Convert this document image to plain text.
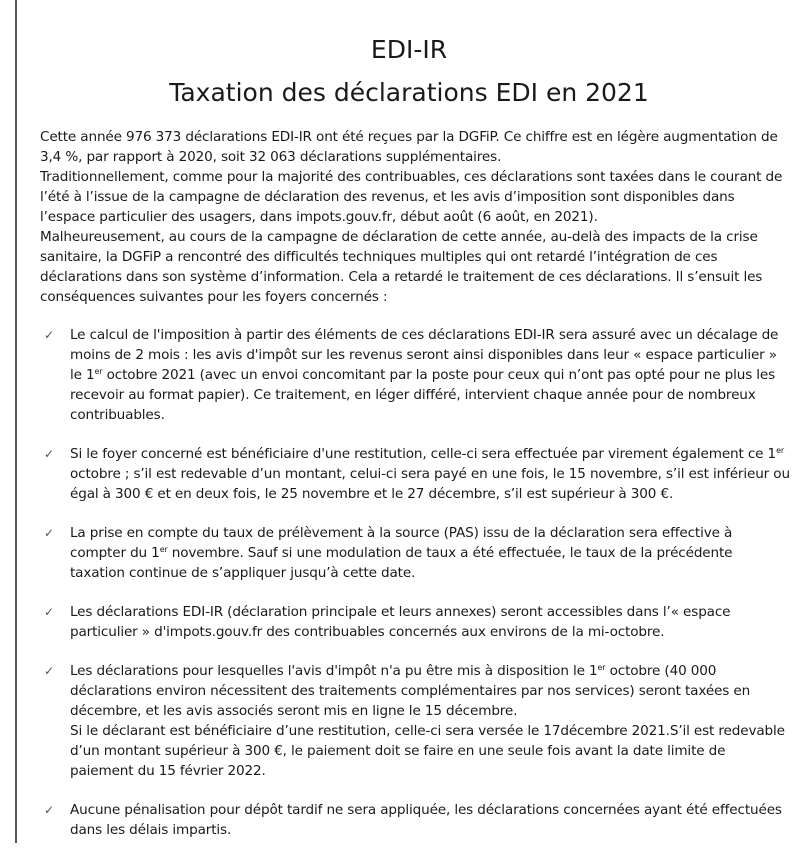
EDI-IR
Taxation des déclarations EDI en 2021

Cette année 976 373 déclarations EDI-IR ont été reçues par la DGFiP. Ce chiffre est en légère augmentation de 3,4 %, par rapport à 2020, soit 32 063 déclarations supplémentaires.

Traditionnellement, comme pour la majorité des contribuables, ces déclarations sont taxées dans le courant de l’été à l’issue de la campagne de déclaration des revenus, et les avis d’imposition sont disponibles dans l’espace particulier des usagers, dans impots.gouv.fr, début août (6 août, en 2021).

Malheureusement, au cours de la campagne de déclaration de cette année, au-delà des impacts de la crise sanitaire, la DGFiP a rencontré des difficultés techniques multiples qui ont retardé l’intégration de ces déclarations dans son système d’information. Cela a retardé le traitement de ces déclarations. Il s’ensuit les conséquences suivantes pour les foyers concernés :

✓ Le calcul de l'imposition à partir des éléments de ces déclarations EDI-IR sera assuré avec un décalage de moins de 2 mois : les avis d'impôt sur les revenus seront ainsi disponibles dans leur « espace particulier » le 1er octobre 2021 (avec un envoi concomitant par la poste pour ceux qui n’ont pas opté pour ne plus les recevoir au format papier). Ce traitement, en léger différé, intervient chaque année pour de nombreux contribuables.

✓ Si le foyer concerné est bénéficiaire d'une restitution, celle-ci sera effectuée par virement également ce 1er octobre ; s’il est redevable d’un montant, celui-ci sera payé en une fois, le 15 novembre, s’il est inférieur ou égal à 300 € et en deux fois, le 25 novembre et le 27 décembre, s’il est supérieur à 300 €.

✓ La prise en compte du taux de prélèvement à la source (PAS) issu de la déclaration sera effective à compter du 1er novembre. Sauf si une modulation de taux a été effectuée, le taux de la précédente taxation continue de s’appliquer jusqu’à cette date.

✓ Les déclarations EDI-IR (déclaration principale et leurs annexes) seront accessibles dans l’« espace particulier » d'impots.gouv.fr des contribuables concernés aux environs de la mi-octobre.

✓ Les déclarations pour lesquelles l'avis d'impôt n'a pu être mis à disposition le 1er octobre (40 000 déclarations environ nécessitent des traitements complémentaires par nos services) seront taxées en décembre, et les avis associés seront mis en ligne le 15 décembre.

Si le déclarant est bénéficiaire d’une restitution, celle-ci sera versée le 17décembre 2021.S’il est redevable d’un montant supérieur à 300 €, le paiement doit se faire en une seule fois avant la date limite de paiement du 15 février 2022.

✓ Aucune pénalisation pour dépôt tardif ne sera appliquée, les déclarations concernées ayant été effectuées dans les délais impartis.
